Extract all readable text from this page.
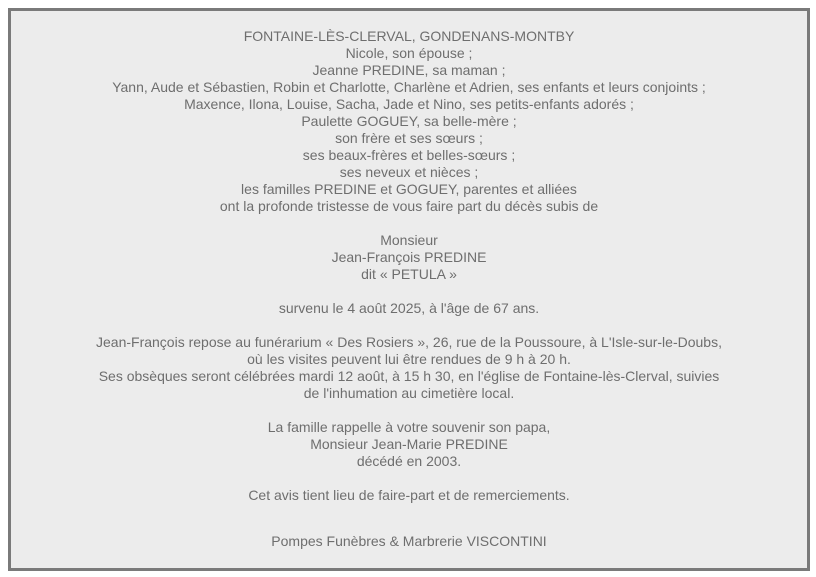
FONTAINE-LÈS-CLERVAL, GONDENANS-MONTBY

Nicole, son épouse ;

Jeanne PREDINE, sa maman ;

Yann, Aude et Sébastien, Robin et Charlotte, Charlène et Adrien, ses enfants et leurs conjoints ;

Maxence, Ilona, Louise, Sacha, Jade et Nino, ses petits-enfants adorés ;

Paulette GOGUEY, sa belle-mère ;

son frère et ses sœurs ;

ses beaux-frères et belles-sœurs ;

ses neveux et nièces ;

les familles PREDINE et GOGUEY, parentes et alliées

ont la profonde tristesse de vous faire part du décès subis de

Monsieur

Jean-François PREDINE

dit « PETULA »

survenu le 4 août 2025, à l'âge de 67 ans.

Jean-François repose au funérarium « Des Rosiers », 26, rue de la Poussoure, à L'Isle-sur-le-Doubs,

où les visites peuvent lui être rendues de 9 h à 20 h.

Ses obsèques seront célébrées mardi 12 août, à 15 h 30, en l'église de Fontaine-lès-Clerval, suivies

de l'inhumation au cimetière local.

La famille rappelle à votre souvenir son papa,

Monsieur Jean-Marie PREDINE

décédé en 2003.

Cet avis tient lieu de faire-part et de remerciements.

Pompes Funèbres & Marbrerie VISCONTINI
